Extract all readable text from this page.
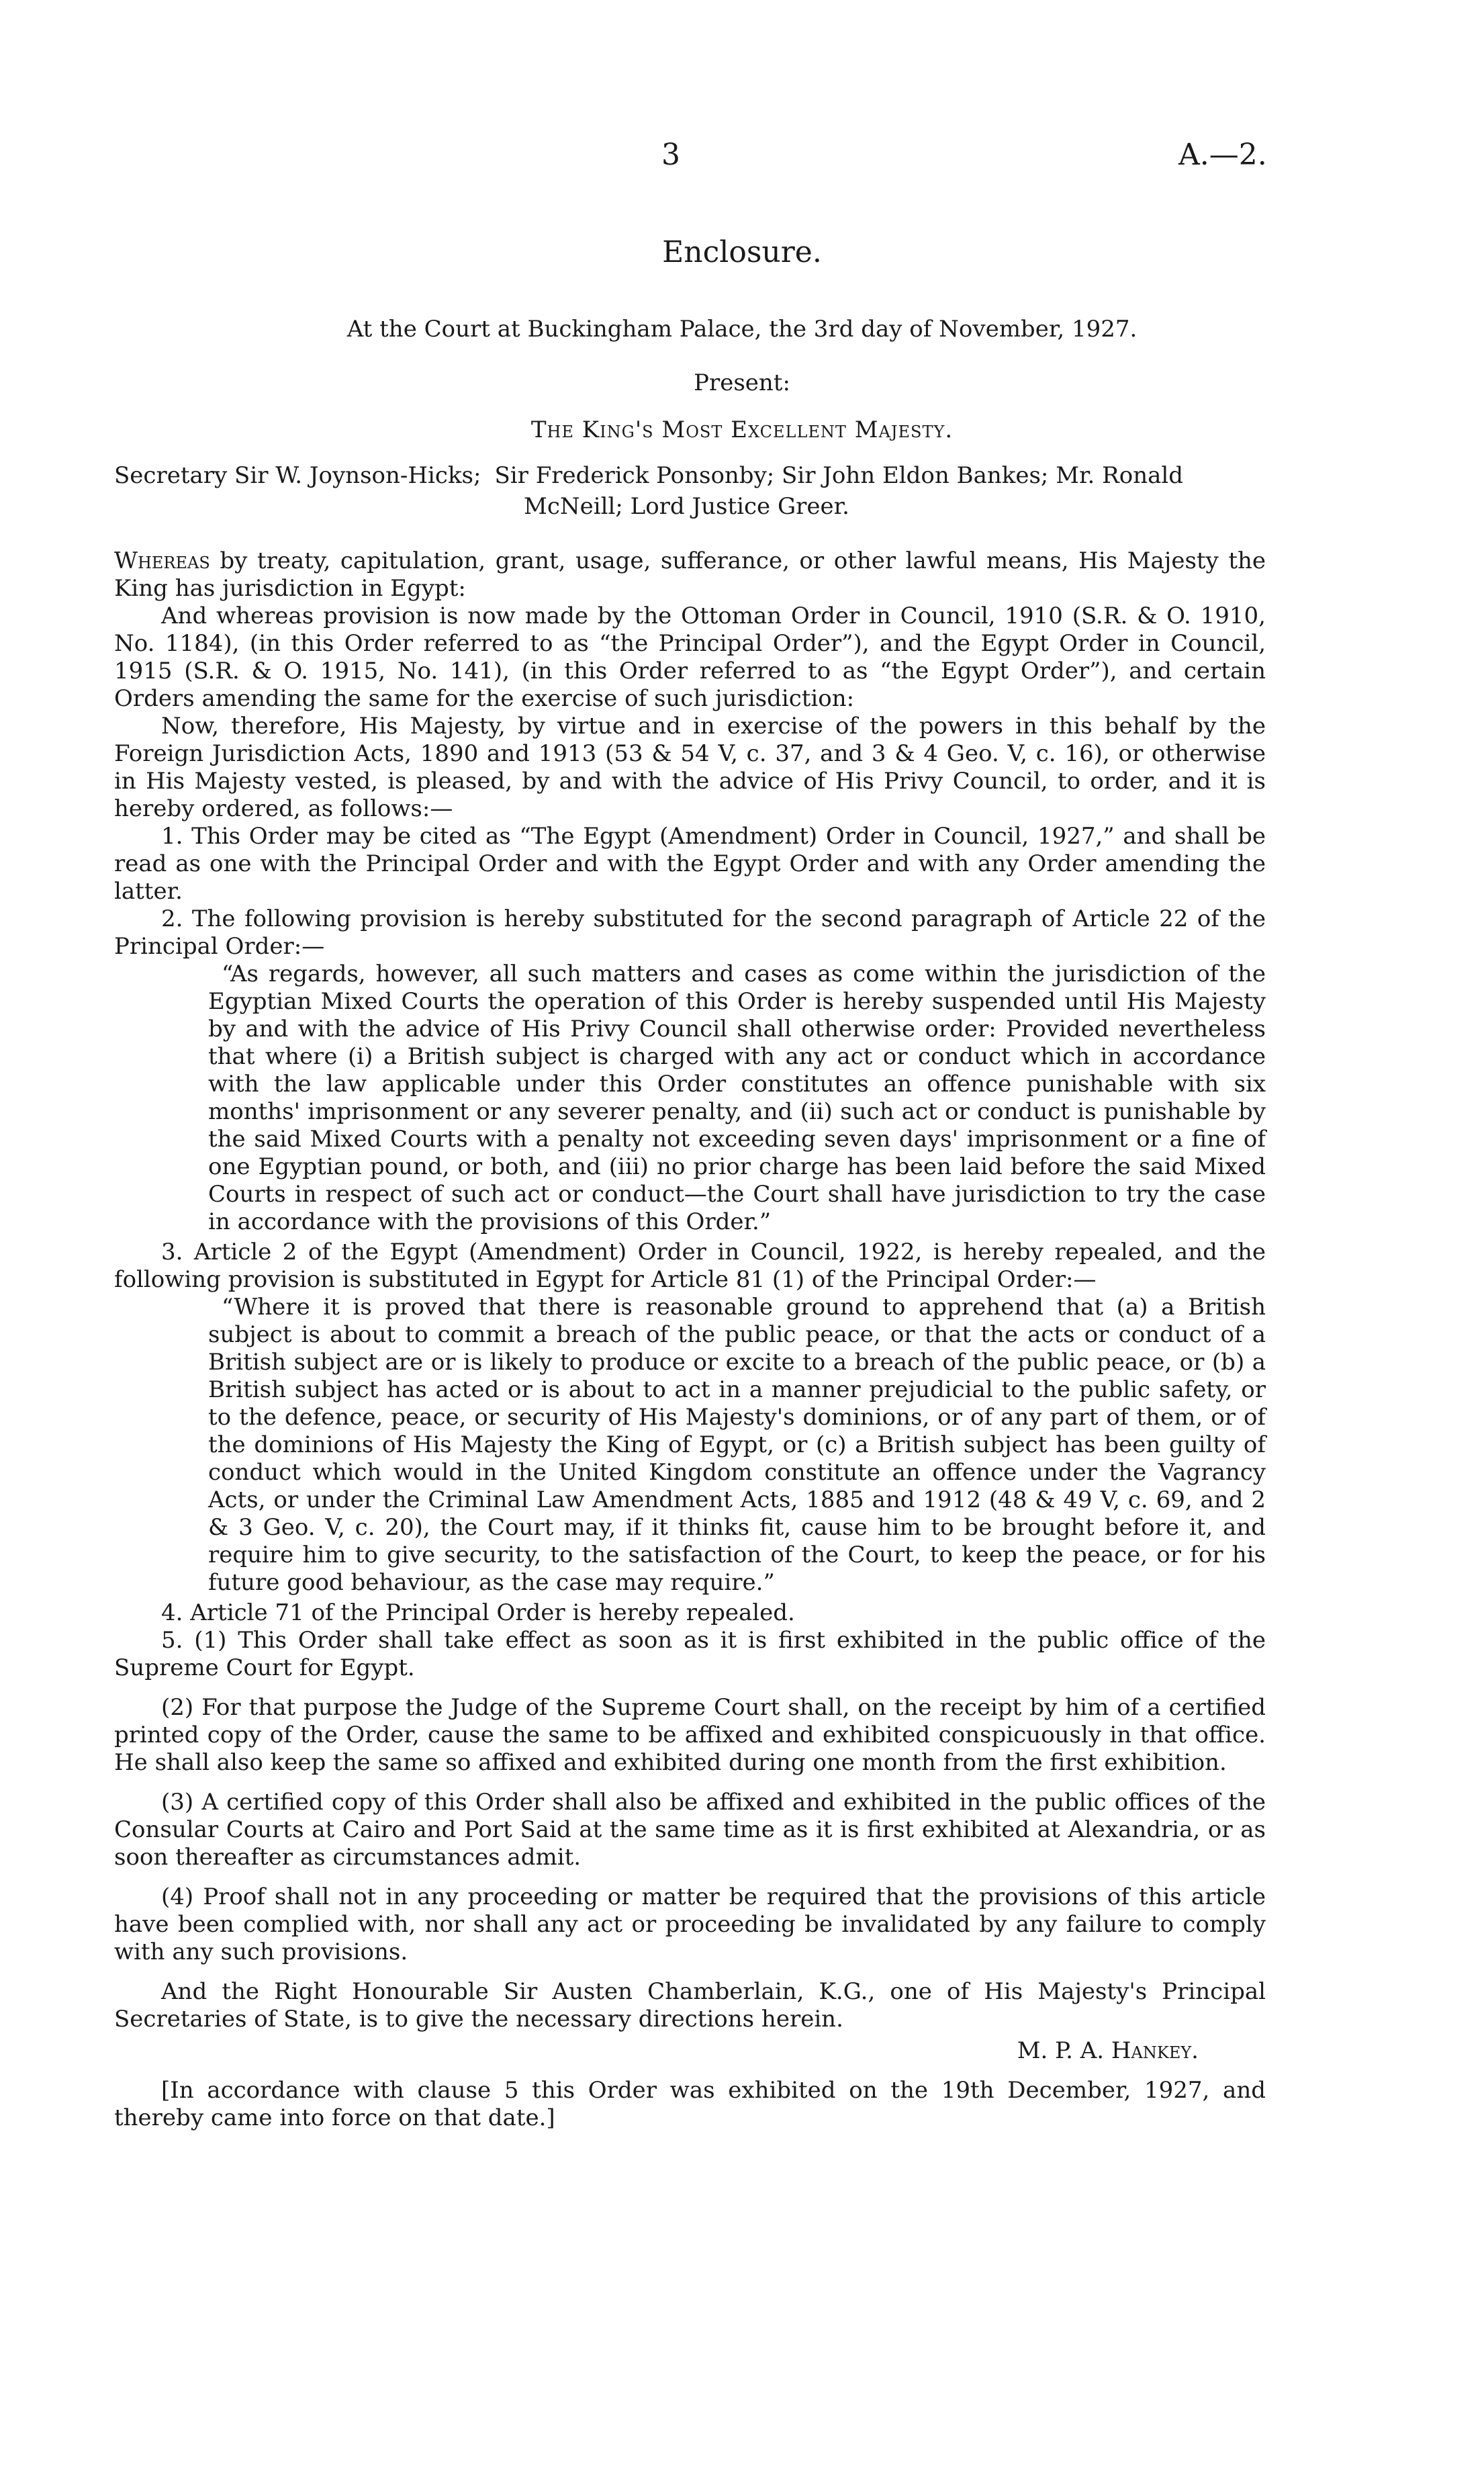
3	A.—2.
Enclosure.
At the Court at Buckingham Palace, the 3rd day of November, 1927.
Present:
The King's Most Excellent Majesty.
Secretary Sir W. Joynson-Hicks; Sir Frederick Ponsonby; Sir John Eldon Bankes; Mr. Ronald
McNeill; Lord Justice Greer.

Whereas by treaty, capitulation, grant, usage, sufferance, or other lawful means, His Majesty the King has jurisdiction in Egypt:

And whereas provision is now made by the Ottoman Order in Council, 1910 (S.R. & O. 1910, No. 1184), (in this Order referred to as “the Principal Order”), and the Egypt Order in Council, 1915 (S.R. & O. 1915, No. 141), (in this Order referred to as “the Egypt Order”), and certain Orders amending the same for the exercise of such jurisdiction:

Now, therefore, His Majesty, by virtue and in exercise of the powers in this behalf by the Foreign Jurisdiction Acts, 1890 and 1913 (53 & 54 V, c. 37, and 3 & 4 Geo. V, c. 16), or otherwise in His Majesty vested, is pleased, by and with the advice of His Privy Council, to order, and it is hereby ordered, as follows:—

1. This Order may be cited as “The Egypt (Amendment) Order in Council, 1927,” and shall be read as one with the Principal Order and with the Egypt Order and with any Order amending the latter.

2. The following provision is hereby substituted for the second paragraph of Article 22 of the Principal Order:—

“As regards, however, all such matters and cases as come within the jurisdiction of the Egyptian Mixed Courts the operation of this Order is hereby suspended until His Majesty by and with the advice of His Privy Council shall otherwise order: Provided nevertheless that where (i) a British subject is charged with any act or conduct which in accordance with the law applicable under this Order constitutes an offence punishable with six months' imprisonment or any severer penalty, and (ii) such act or conduct is punishable by the said Mixed Courts with a penalty not exceeding seven days' imprisonment or a fine of one Egyptian pound, or both, and (iii) no prior charge has been laid before the said Mixed Courts in respect of such act or conduct—the Court shall have jurisdiction to try the case in accordance with the provisions of this Order.”

3. Article 2 of the Egypt (Amendment) Order in Council, 1922, is hereby repealed, and the following provision is substituted in Egypt for Article 81 (1) of the Principal Order:—

“Where it is proved that there is reasonable ground to apprehend that (a) a British subject is about to commit a breach of the public peace, or that the acts or conduct of a British subject are or is likely to produce or excite to a breach of the public peace, or (b) a British subject has acted or is about to act in a manner prejudicial to the public safety, or to the defence, peace, or security of His Majesty's dominions, or of any part of them, or of the dominions of His Majesty the King of Egypt, or (c) a British subject has been guilty of conduct which would in the United Kingdom constitute an offence under the Vagrancy Acts, or under the Criminal Law Amendment Acts, 1885 and 1912 (48 & 49 V, c. 69, and 2 & 3 Geo. V, c. 20), the Court may, if it thinks fit, cause him to be brought before it, and require him to give security, to the satisfaction of the Court, to keep the peace, or for his future good behaviour, as the case may require.”

4. Article 71 of the Principal Order is hereby repealed.

5. (1) This Order shall take effect as soon as it is first exhibited in the public office of the Supreme Court for Egypt.

(2) For that purpose the Judge of the Supreme Court shall, on the receipt by him of a certified printed copy of the Order, cause the same to be affixed and exhibited conspicuously in that office. He shall also keep the same so affixed and exhibited during one month from the first exhibition.

(3) A certified copy of this Order shall also be affixed and exhibited in the public offices of the Consular Courts at Cairo and Port Said at the same time as it is first exhibited at Alexandria, or as soon thereafter as circumstances admit.

(4) Proof shall not in any proceeding or matter be required that the provisions of this article have been complied with, nor shall any act or proceeding be invalidated by any failure to comply with any such provisions.

And the Right Honourable Sir Austen Chamberlain, K.G., one of His Majesty's Principal Secretaries of State, is to give the necessary directions herein.

M. P. A. Hankey.

[In accordance with clause 5 this Order was exhibited on the 19th December, 1927, and thereby came into force on that date.]
